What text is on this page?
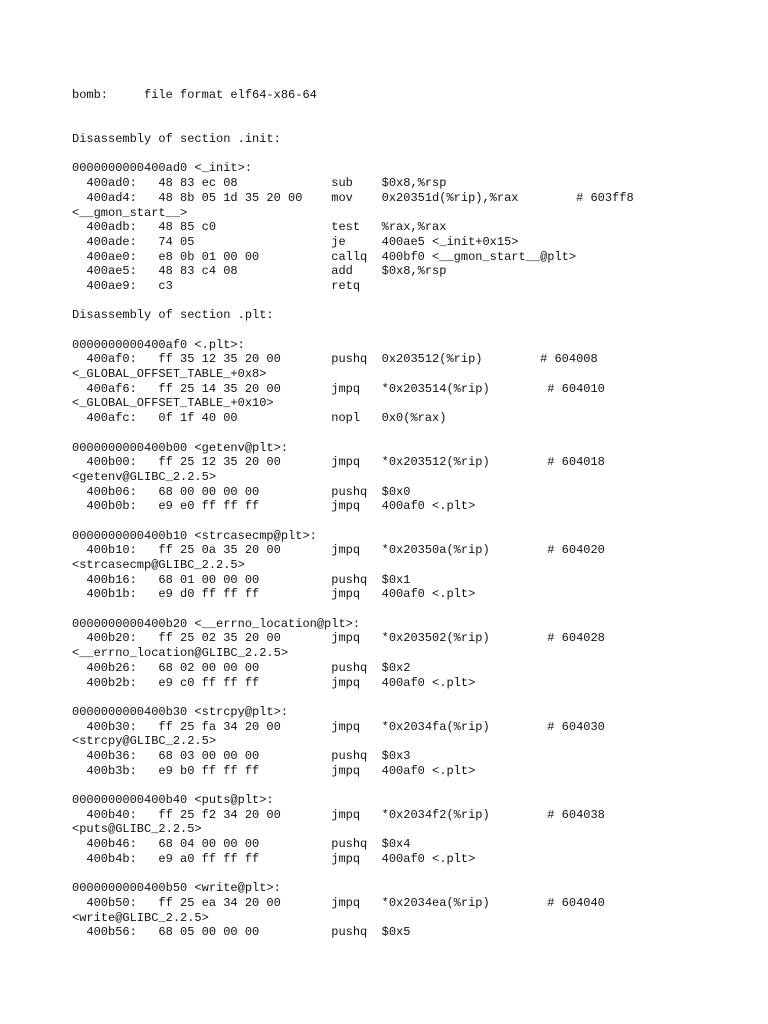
bomb:     file format elf64-x86-64
Disassembly of section .init:
0000000000400ad0 <_init>:
400ad0:   48 83 ec 08             sub    $0x8,%rsp
400ad4:   48 8b 05 1d 35 20 00    mov    0x20351d(%rip),%rax        # 603ff8
<__gmon_start__>
400adb:   48 85 c0                test   %rax,%rax
400ade:   74 05                   je     400ae5 <_init+0x15>
400ae0:   e8 0b 01 00 00          callq  400bf0 <__gmon_start__@plt>
400ae5:   48 83 c4 08             add    $0x8,%rsp
400ae9:   c3                      retq
Disassembly of section .plt:
0000000000400af0 <.plt>:
400af0:   ff 35 12 35 20 00       pushq  0x203512(%rip)        # 604008
<_GLOBAL_OFFSET_TABLE_+0x8>
400af6:   ff 25 14 35 20 00       jmpq   *0x203514(%rip)        # 604010
<_GLOBAL_OFFSET_TABLE_+0x10>
400afc:   0f 1f 40 00             nopl   0x0(%rax)
0000000000400b00 <getenv@plt>:
400b00:   ff 25 12 35 20 00       jmpq   *0x203512(%rip)        # 604018
<getenv@GLIBC_2.2.5>
400b06:   68 00 00 00 00          pushq  $0x0
400b0b:   e9 e0 ff ff ff          jmpq   400af0 <.plt>
0000000000400b10 <strcasecmp@plt>:
400b10:   ff 25 0a 35 20 00       jmpq   *0x20350a(%rip)        # 604020
<strcasecmp@GLIBC_2.2.5>
400b16:   68 01 00 00 00          pushq  $0x1
400b1b:   e9 d0 ff ff ff          jmpq   400af0 <.plt>
0000000000400b20 <__errno_location@plt>:
400b20:   ff 25 02 35 20 00       jmpq   *0x203502(%rip)        # 604028
<__errno_location@GLIBC_2.2.5>
400b26:   68 02 00 00 00          pushq  $0x2
400b2b:   e9 c0 ff ff ff          jmpq   400af0 <.plt>
0000000000400b30 <strcpy@plt>:
400b30:   ff 25 fa 34 20 00       jmpq   *0x2034fa(%rip)        # 604030
<strcpy@GLIBC_2.2.5>
400b36:   68 03 00 00 00          pushq  $0x3
400b3b:   e9 b0 ff ff ff          jmpq   400af0 <.plt>
0000000000400b40 <puts@plt>:
400b40:   ff 25 f2 34 20 00       jmpq   *0x2034f2(%rip)        # 604038
<puts@GLIBC_2.2.5>
400b46:   68 04 00 00 00          pushq  $0x4
400b4b:   e9 a0 ff ff ff          jmpq   400af0 <.plt>
0000000000400b50 <write@plt>:
400b50:   ff 25 ea 34 20 00       jmpq   *0x2034ea(%rip)        # 604040
<write@GLIBC_2.2.5>
400b56:   68 05 00 00 00          pushq  $0x5
